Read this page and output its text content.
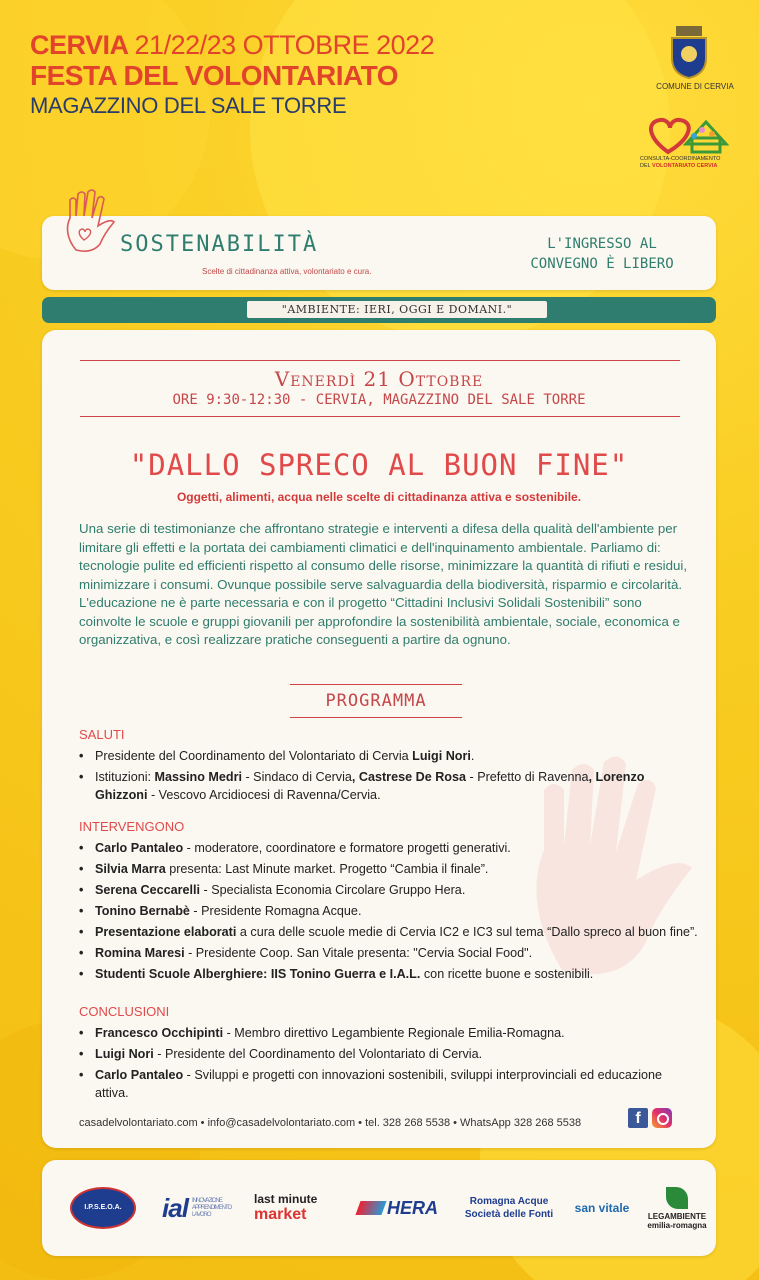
CERVIA 21/22/23 OTTOBRE 2022
FESTA DEL VOLONTARIATO
MAGAZZINO DEL SALE TORRE
COMUNE DI CERVIA
CONSULTA-COORDINAMENTO
DEL VOLONTARIATO CERVIA
SOSTENABILITÀ
Scelte di cittadinanza attiva, volontariato e cura.
L'INGRESSO AL
CONVEGNO È LIBERO
"AMBIENTE: IERI, OGGI E DOMANI."
Venerdì 21 Ottobre
ORE 9:30-12:30 - CERVIA, MAGAZZINO DEL SALE TORRE
"DALLO SPRECO AL BUON FINE"
Oggetti, alimenti, acqua nelle scelte di cittadinanza attiva e sostenibile.
Una serie di testimonianze che affrontano strategie e interventi a difesa della qualità dell'ambiente per limitare gli effetti e la portata dei cambiamenti climatici e dell'inquinamento ambientale. Parliamo di: tecnologie pulite ed efficienti rispetto al consumo delle risorse, minimizzare la quantità di rifiuti e residui, minimizzare i consumi. Ovunque possibile serve salvaguardia della biodiversità, risparmio e circolarità. L'educazione ne è parte necessaria e con il progetto “Cittadini Inclusivi Solidali Sostenibili” sono coinvolte le scuole e gruppi giovanili per approfondire la sostenibilità ambientale, sociale, economica e organizzativa, e così realizzare pratiche conseguenti a partire da ognuno.
PROGRAMMA
SALUTI
• Presidente del Coordinamento del Volontariato di Cervia Luigi Nori.
• Istituzioni: Massino Medri - Sindaco di Cervia, Castrese De Rosa - Prefetto di Ravenna, Lorenzo Ghizzoni - Vescovo Arcidiocesi di Ravenna/Cervia.
INTERVENGONO
• Carlo Pantaleo - moderatore, coordinatore e formatore progetti generativi.
• Silvia Marra presenta: Last Minute market. Progetto “Cambia il finale”.
• Serena Ceccarelli - Specialista Economia Circolare Gruppo Hera.
• Tonino Bernabè - Presidente Romagna Acque.
• Presentazione elaborati a cura delle scuole medie di Cervia IC2 e IC3 sul tema “Dallo spreco al buon fine”.
• Romina Maresi - Presidente Coop. San Vitale presenta: "Cervia Social Food".
• Studenti Scuole Alberghiere: IIS Tonino Guerra e I.A.L. con ricette buone e sostenibili.
CONCLUSIONI
• Francesco Occhipinti - Membro direttivo Legambiente Regionale Emilia-Romagna.
• Luigi Nori - Presidente del Coordinamento del Volontariato di Cervia.
• Carlo Pantaleo - Sviluppi e progetti con innovazioni sostenibili, sviluppi interprovinciali ed educazione attiva.
casadelvolontariato.com • info@casadelvolontariato.com • tel. 328 268 5538 • WhatsApp 328 268 5538	f
I.P.S.E.O.A.	ial INNOVAZIONE APPRENDIMENTO LAVORO
last minute
market	HERA	Romagna Acque
Società delle Fonti san vitale
LEGAMBIENTE
emilia-romagna
